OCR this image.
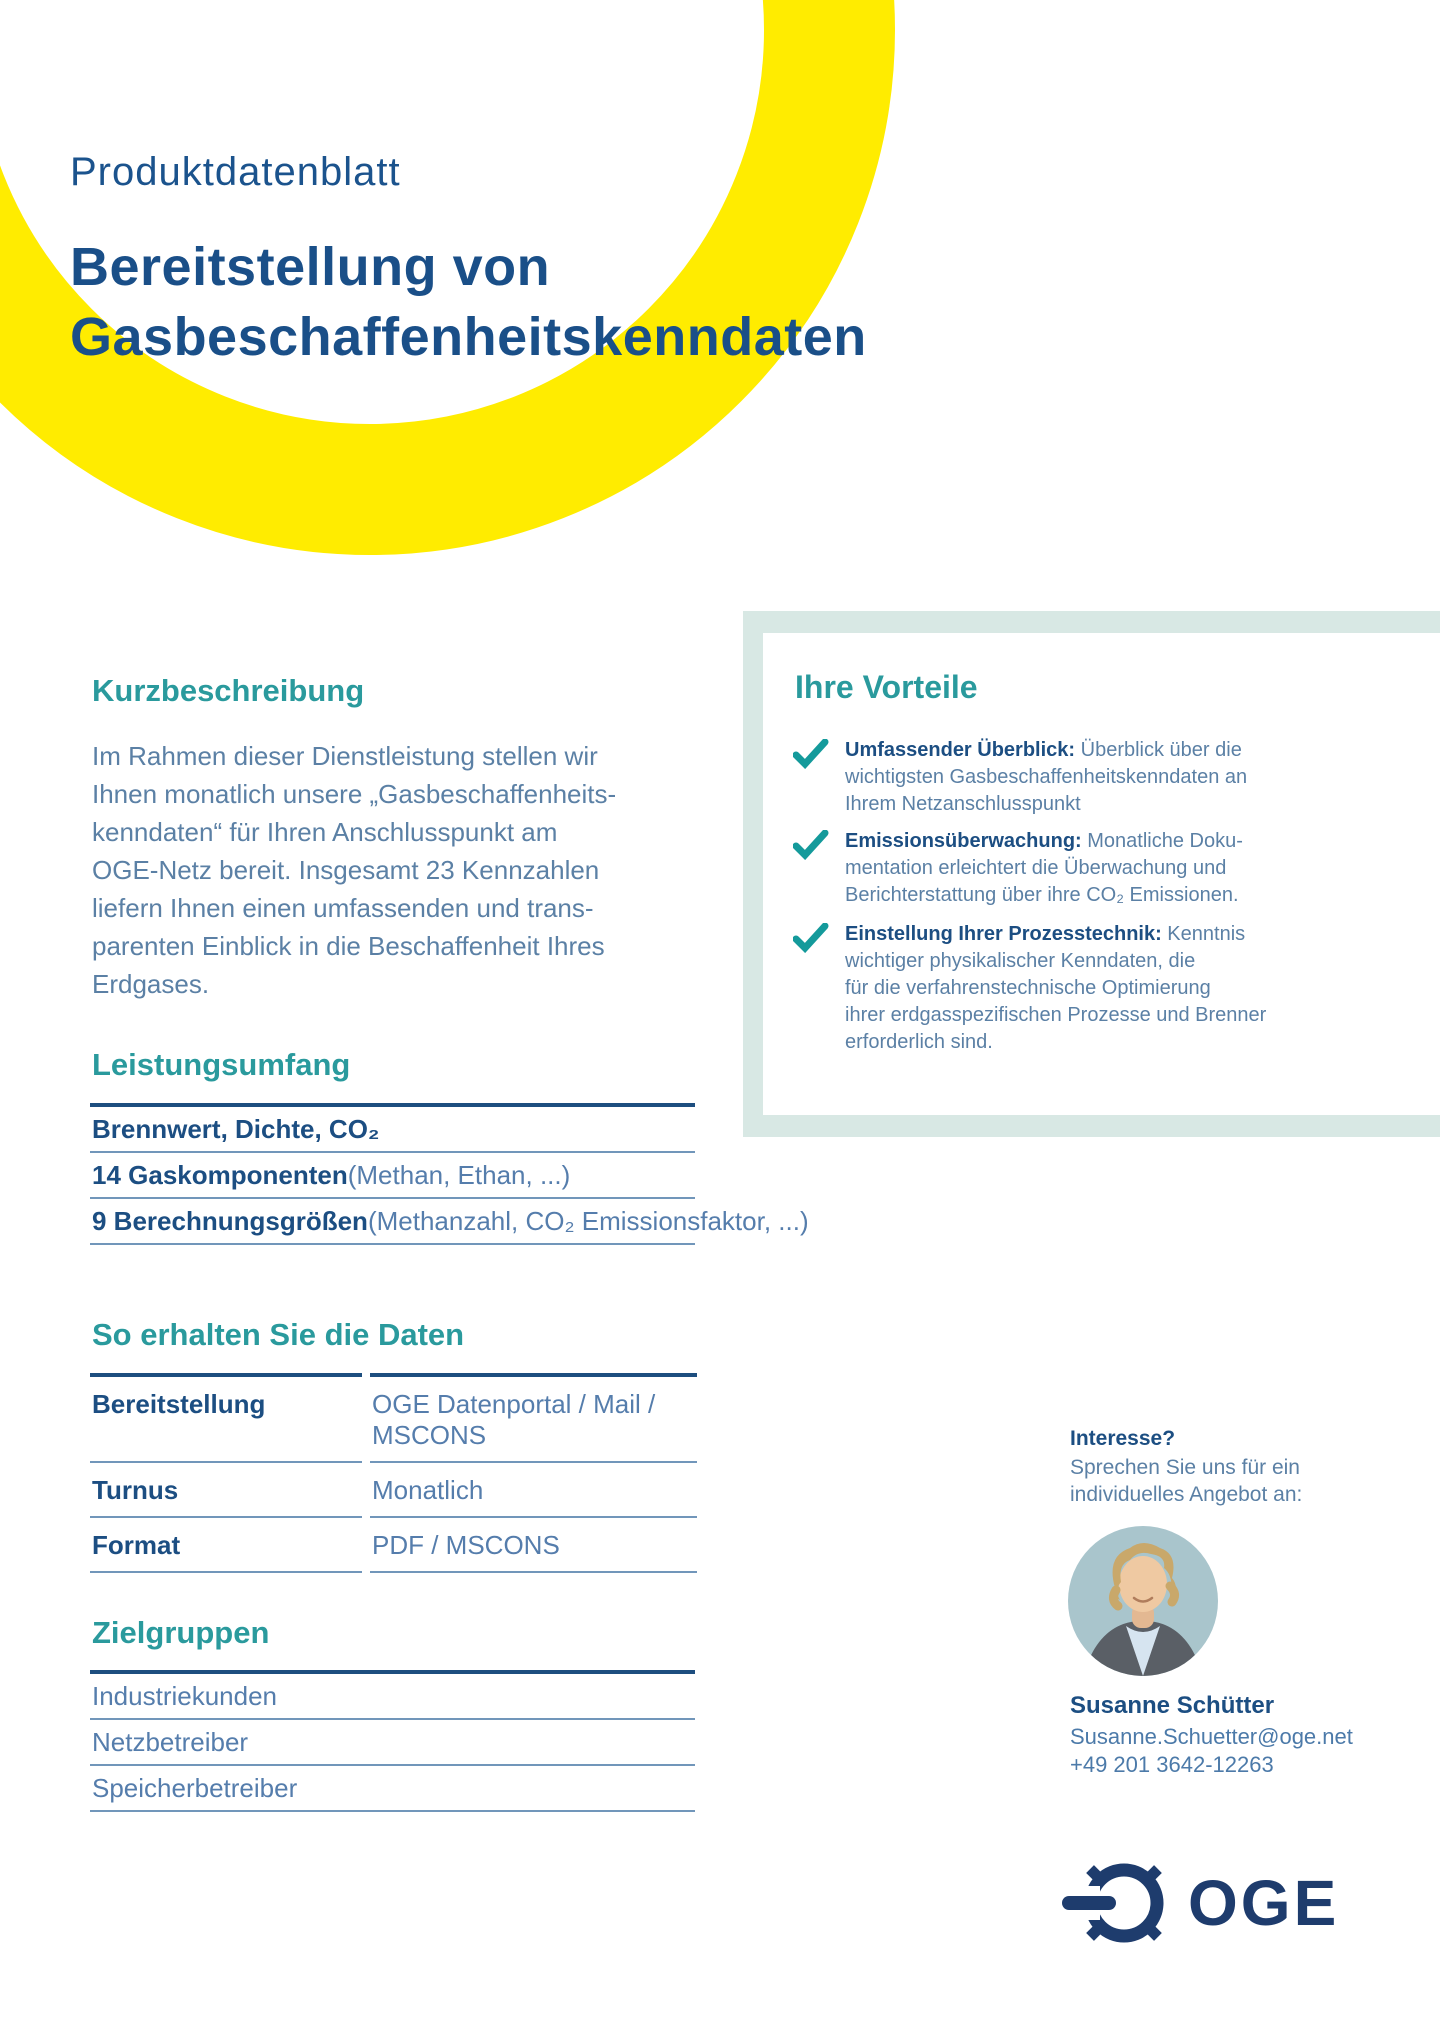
Produktdatenblatt
Bereitstellung von
Gasbeschaffenheitskenndaten
Kurzbeschreibung
Im Rahmen dieser Dienstleistung stellen wir
Ihnen monatlich unsere „Gasbeschaffenheits-
kenndaten“ für Ihren Anschlusspunkt am
OGE-Netz bereit. Insgesamt 23 Kennzahlen
liefern Ihnen einen umfassenden und trans-
parenten Einblick in die Beschaffenheit Ihres
Erdgases.
Leistungsumfang
Brennwert, Dichte, CO₂
14 Gaskomponenten (Methan, Ethan, ...)
9 Berechnungsgrößen (Methanzahl, CO₂ Emissionsfaktor, ...)
So erhalten Sie die Daten
Bereitstellung	OGE Datenportal / Mail /
MSCONS
Turnus	Monatlich
Format	PDF / MSCONS
Zielgruppen
Industriekunden
Netzbetreiber
Speicherbetreiber
Ihre Vorteile
Umfassender Überblick: Überblick über die
wichtigsten Gasbeschaffenheitskenndaten an
Ihrem Netzanschlusspunkt
Emissionsüberwachung: Monatliche Doku-
mentation erleichtert die Überwachung und
Berichterstattung über ihre CO₂ Emissionen.
Einstellung Ihrer Prozesstechnik: Kenntnis
wichtiger physikalischer Kenndaten, die
für die verfahrenstechnische Optimierung
ihrer erdgasspezifischen Prozesse und Brenner
erforderlich sind.
Interesse?
Sprechen Sie uns für ein
individuelles Angebot an:
Susanne Schütter
Susanne.Schuetter@oge.net
+49 201 3642-12263
OGE
